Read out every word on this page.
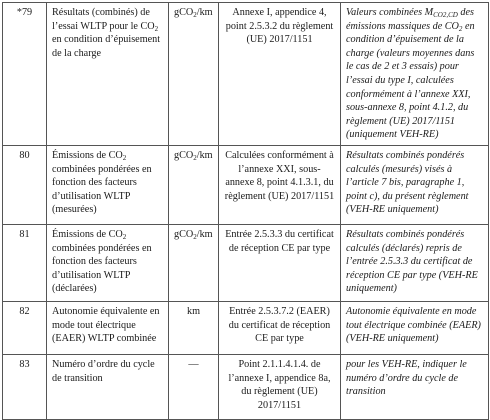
*79	Résultats (combinés) de l’essai WLTP pour le $CO_2$ en condition d’épuisement de la charge	gCO$_2$/km	Annexe I, appendice 4, point 2.5.3.2 du règlement (UE) 2017/1151	Valeurs combinées $M_{CO2,CD}$ des émissions massiques de $CO_2$ en condition d’épuisement de la charge (valeurs moyennes dans le cas de 2 et 3 essais) pour l’essai du type I, calculées conformément à l’annexe XXI, sous-annexe 8, point 4.1.2, du règlement (UE) 2017/1151 (uniquement VEH-RE)
80	Émissions de $CO_2$ combinées pondérées en fonction des facteurs d’utilisation WLTP (mesurées)	gCO$_2$/km	Calculées conformément à l’annexe XXI, sous-annexe 8, point 4.1.3.1, du règlement (UE) 2017/1151	Résultats combinés pondérés calculés (mesurés) visés à l’article 7 bis, paragraphe 1, point c), du présent règlement (VEH-RE uniquement)
81	Émissions de $CO_2$ combinées pondérées en fonction des facteurs d’utilisation WLTP (déclarées)	gCO$_2$/km	Entrée 2.5.3.3 du certificat de réception CE par type	Résultats combinés pondérés calculés (déclarés) repris de l’entrée 2.5.3.3 du certificat de réception CE par type (VEH-RE uniquement)
82	Autonomie équivalente en mode tout électrique (EAER) WLTP combinée	km	Entrée 2.5.3.7.2 (EAER) du certificat de réception CE par type	Autonomie équivalente en mode tout électrique combinée (EAER) (VEH-RE uniquement)
83	Numéro d’ordre du cycle de transition	—	Point 2.1.1.4.1.4. de l’annexe I, appendice 8a, du règlement (UE) 2017/1151	pour les VEH-RE, indiquer le numéro d’ordre du cycle de transition
